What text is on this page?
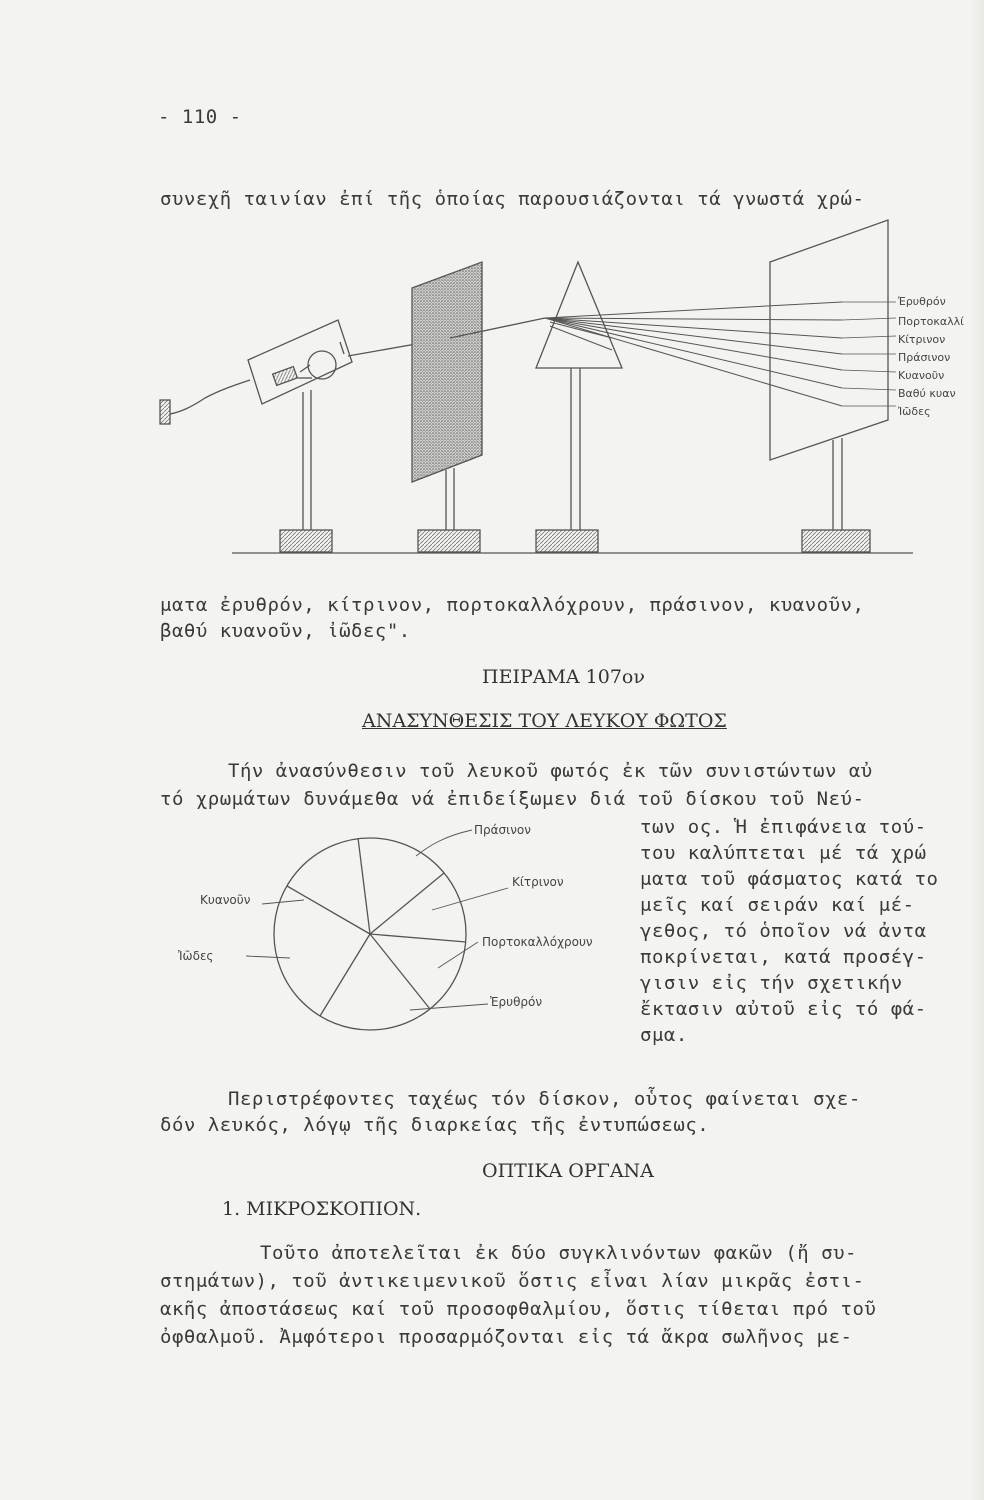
- 110 -
συνεχῆ ταινίαν ἐπί τῆς ὁποίας παρουσιάζονται τά γνωστά χρώ-
Ἐρυθρόν
Πορτοκαλλί
Κίτρινον
Πράσινον
Κυανοῦν
Βαθύ κυαν
Ἰῶδες
ματα ἐρυθρόν, κίτρινον, πορτοκαλλόχρουν, πράσινον, κυανοῦν,
βαθύ κυανοῦν, ἰῶδες".
ΠΕΙΡΑΜΑ 107ον
ΑΝΑΣΥΝΘΕΣΙΣ ΤΟΥ ΛΕΥΚΟΥ ΦΩΤΟΣ
Τήν ἀνασύνθεσιν τοῦ λευκοῦ φωτός ἐκ τῶν συνιστώντων αὐ
τό χρωμάτων δυνάμεθα νά ἐπιδείξωμεν διά τοῦ δίσκου τοῦ Νεύ-
Πράσινον
Κίτρινον
Κυανοῦν
Πορτοκαλλόχρουν
Ἰῶδες
Ἐρυθρόν
των ος. Ἡ ἐπιφάνεια τού-
του καλύπτεται μέ τά χρώ
ματα τοῦ φάσματος κατά το
μεῖς καί σειράν καί μέ-
γεθος, τό ὁποῖον νά ἀντα
ποκρίνεται, κατά προσέγ-
γισιν εἰς τήν σχετικήν
ἔκτασιν αὐτοῦ εἰς τό φά-
σμα.
Περιστρέφοντες ταχέως τόν δίσκον, οὗτος φαίνεται σχε-
δόν λευκός, λόγῳ τῆς διαρκείας τῆς ἐντυπώσεως.
ΟΠΤΙΚΑ ΟΡΓΑΝΑ
1. ΜΙΚΡΟΣΚΟΠΙΟΝ.
Τοῦτο ἀποτελεῖται ἐκ δύο συγκλινόντων φακῶν (ἤ συ-
στημάτων), τοῦ ἀντικειμενικοῦ ὅστις εἶναι λίαν μικρᾶς ἐστι-
ακῆς ἀποστάσεως καί τοῦ προσοφθαλμίου, ὅστις τίθεται πρό τοῦ
ὀφθαλμοῦ. Ἀμφότεροι προσαρμόζονται εἰς τά ἄκρα σωλῆνος με-
